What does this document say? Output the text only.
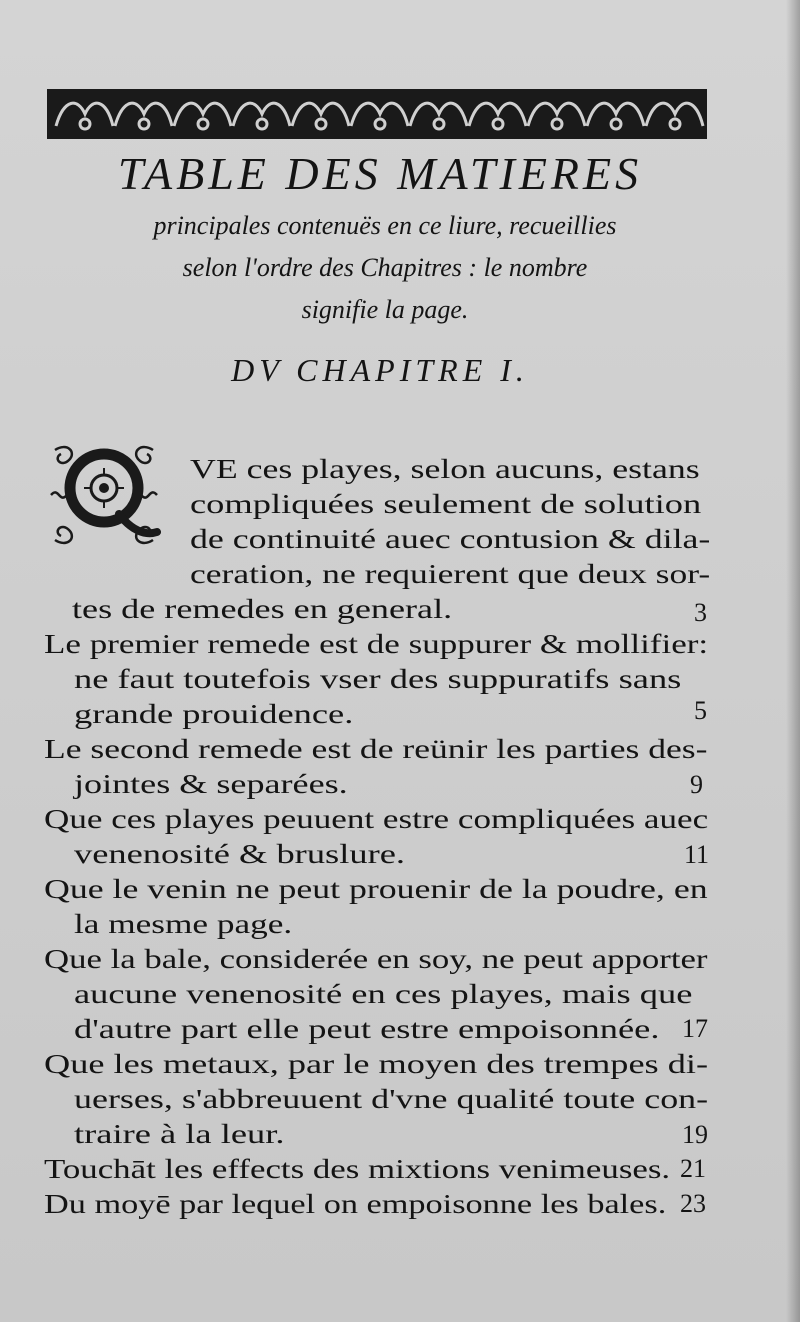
TABLE DES MATIERES
principales contenuës en ce liure, recueillies
selon l'ordre des Chapitres : le nombre
signifie la page.
DV CHAPITRE I.
VE ces playes, selon aucuns, estans
compliquées seulement de solution
de continuité auec contusion & dila-
ceration, ne requierent que deux sor-
tes de remedes en general.	3
Le premier remede est de suppurer & mollifier:
ne faut toutefois vser des suppuratifs sans
grande prouidence.	5
Le second remede est de reünir les parties des-
jointes & separées.	9
Que ces playes peuuent estre compliquées auec
venenosité & bruslure.	11
Que le venin ne peut prouenir de la poudre, en
la mesme page.
Que la bale, considerée en soy, ne peut apporter
aucune venenosité en ces playes, mais que
d'autre part elle peut estre empoisonnée. 17
Que les metaux, par le moyen des trempes di-
uerses, s'abbreuuent d'vne qualité toute con-
traire à la leur.	19
Touchāt les effects des mixtions venimeuses. 21
Du moyē par lequel on empoisonne les bales. 23
